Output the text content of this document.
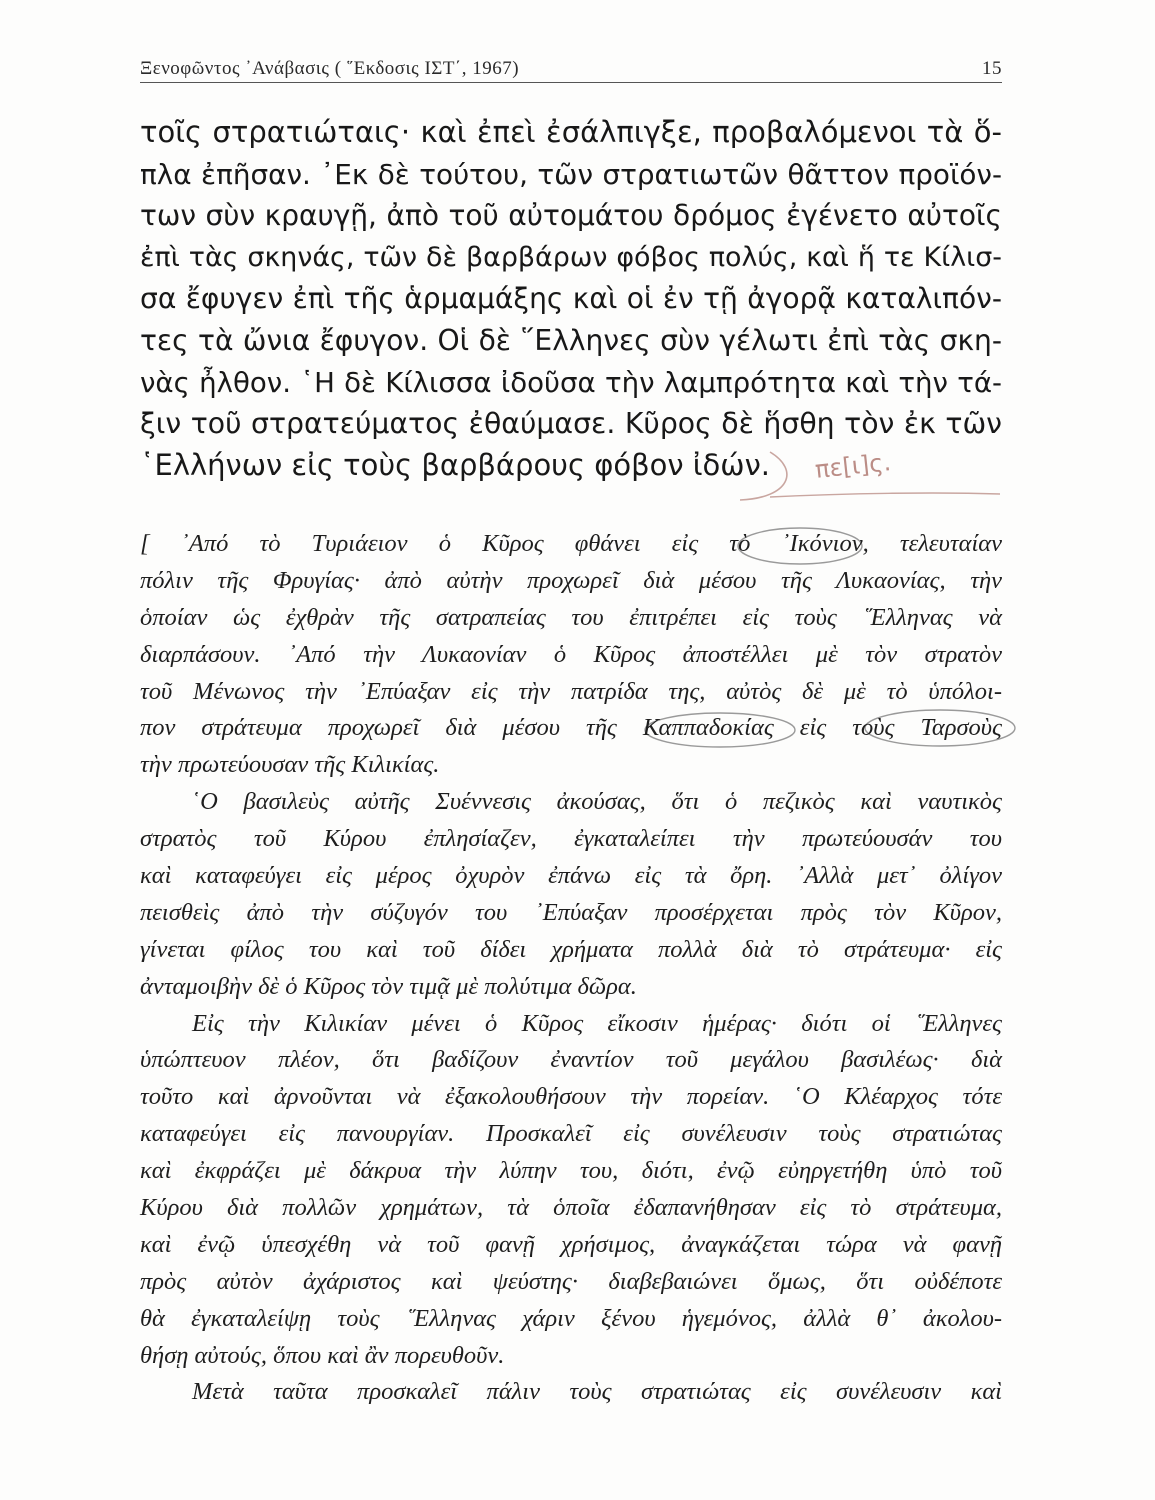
Ξενοφῶντος ᾿Ανάβασις ( ῞Εκδοσις ΙΣΤ΄, 1967)	15
τοῖς στρατιώταις· καὶ ἐπεὶ ἐσάλπιγξε, προβαλόμενοι τὰ ὅ-
πλα ἐπῆσαν. ᾿Εκ δὲ τούτου, τῶν στρατιωτῶν θᾶττον προϊόν-
των σὺν κραυγῇ, ἀπὸ τοῦ αὐτομάτου δρόμος ἐγένετο αὐτοῖς
ἐπὶ τὰς σκηνάς, τῶν δὲ βαρβάρων φόβος πολύς, καὶ ἥ τε Κίλισ-
σα ἔφυγεν ἐπὶ τῆς ἁρμαμάξης καὶ οἱ ἐν τῇ ἀγορᾷ καταλιπόν-
τες τὰ ὤνια ἔφυγον. Οἱ δὲ ῞Ελληνες σὺν γέλωτι ἐπὶ τὰς σκη-
νὰς ἦλθον. ῾Η δὲ Κίλισσα ἰδοῦσα τὴν λαμπρότητα καὶ τὴν τά-
ξιν τοῦ στρατεύματος ἐθαύμασε. Κῦρος δὲ ἥσθη τὸν ἐκ τῶν
῾Ελλήνων εἰς τοὺς βαρβάρους φόβον ἰδών.	πε[ι]ς.
[ ᾿Από τὸ Τυριάειον ὁ Κῦρος φθάνει εἰς τὸ ᾿Ικόνιον, τελευταίαν
πόλιν τῆς Φρυγίας· ἀπὸ αὐτὴν προχωρεῖ διὰ μέσου τῆς Λυκαονίας, τὴν
ὁποίαν ὡς ἐχθρὰν τῆς σατραπείας του ἐπιτρέπει εἰς τοὺς ῞Ελληνας νὰ
διαρπάσουν. ᾿Από τὴν Λυκαονίαν ὁ Κῦρος ἀποστέλλει μὲ τὸν στρατὸν
τοῦ Μένωνος τὴν ᾿Επύαξαν εἰς τὴν πατρίδα της, αὐτὸς δὲ μὲ τὸ ὑπόλοι-
πον στράτευμα προχωρεῖ διὰ μέσου τῆς Καππαδοκίας εἰς τοὺς Ταρσοὺς
τὴν πρωτεύουσαν τῆς Κιλικίας.
῾Ο βασιλεὺς αὐτῆς Συέννεσις ἀκούσας, ὅτι ὁ πεζικὸς καὶ ναυτικὸς
στρατὸς τοῦ Κύρου ἐπλησίαζεν, ἐγκαταλείπει τὴν πρωτεύουσάν του
καὶ καταφεύγει εἰς μέρος ὀχυρὸν ἐπάνω εἰς τὰ ὄρη. ᾿Αλλὰ μετ᾿ ὀλίγον
πεισθεὶς ἀπὸ τὴν σύζυγόν του ᾿Επύαξαν προσέρχεται πρὸς τὸν Κῦρον,
γίνεται φίλος του καὶ τοῦ δίδει χρήματα πολλὰ διὰ τὸ στράτευμα· εἰς
ἀνταμοιβὴν δὲ ὁ Κῦρος τὸν τιμᾷ μὲ πολύτιμα δῶρα.
Εἰς τὴν Κιλικίαν μένει ὁ Κῦρος εἴκοσιν ἡμέρας· διότι οἱ ῞Ελληνες
ὑπώπτευον πλέον, ὅτι βαδίζουν ἐναντίον τοῦ μεγάλου βασιλέως· διὰ
τοῦτο καὶ ἀρνοῦνται νὰ ἐξακολουθήσουν τὴν πορείαν. ῾Ο Κλέαρχος τότε
καταφεύγει εἰς πανουργίαν. Προσκαλεῖ εἰς συνέλευσιν τοὺς στρατιώτας
καὶ ἐκφράζει μὲ δάκρυα τὴν λύπην του, διότι, ἐνῷ εὐηργετήθη ὑπὸ τοῦ
Κύρου διὰ πολλῶν χρημάτων, τὰ ὁποῖα ἐδαπανήθησαν εἰς τὸ στράτευμα,
καὶ ἐνῷ ὑπεσχέθη νὰ τοῦ φανῇ χρήσιμος, ἀναγκάζεται τώρα νὰ φανῇ
πρὸς αὐτὸν ἀχάριστος καὶ ψεύστης· διαβεβαιώνει ὅμως, ὅτι οὐδέποτε
θὰ ἐγκαταλείψῃ τοὺς ῞Ελληνας χάριν ξένου ἡγεμόνος, ἀλλὰ θ᾿ ἀκολου-
θήσῃ αὐτούς, ὅπου καὶ ἂν πορευθοῦν.
Μετὰ ταῦτα προσκαλεῖ πάλιν τοὺς στρατιώτας εἰς συνέλευσιν καὶ
